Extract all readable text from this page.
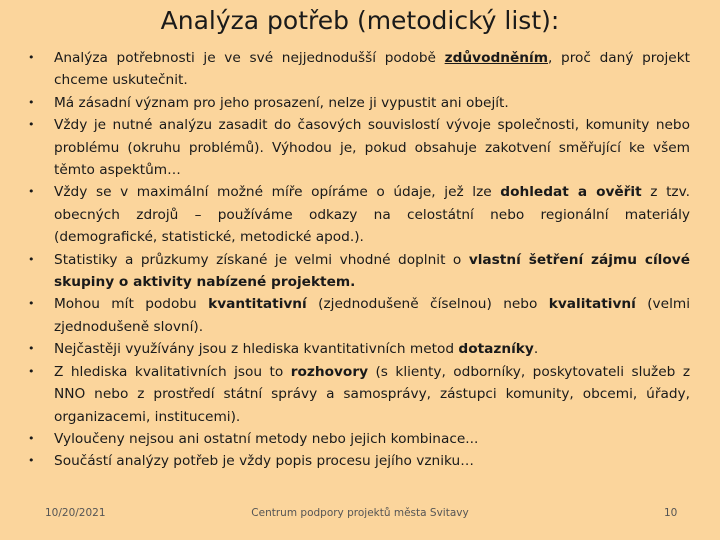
Analýza potřeb (metodický list):
• Analýza potřebnosti je ve své nejjednodušší podobě zdůvodněním, proč daný projekt chceme uskutečnit.
• Má zásadní význam pro jeho prosazení, nelze ji vypustit ani obejít.
• Vždy je nutné analýzu zasadit do časových souvislostí vývoje společnosti, komunity nebo problému (okruhu problémů). Výhodou je, pokud obsahuje zakotvení směřující ke všem těmto aspektům…
• Vždy se v maximální možné míře opíráme o údaje, jež lze dohledat a ověřit z tzv. obecných zdrojů – používáme odkazy na celostátní nebo regionální materiály (demografické, statistické, metodické apod.).
• Statistiky a průzkumy získané je velmi vhodné doplnit o vlastní šetření zájmu cílové skupiny o aktivity nabízené projektem.
• Mohou mít podobu kvantitativní (zjednodušeně číselnou) nebo kvalitativní (velmi zjednodušeně slovní).
• Nejčastěji využívány jsou z hlediska kvantitativních metod dotazníky.
• Z hlediska kvalitativních jsou to rozhovory (s klienty, odborníky, poskytovateli služeb z NNO nebo z prostředí státní správy a samosprávy, zástupci komunity, obcemi, úřady, organizacemi, institucemi).
• Vyloučeny nejsou ani ostatní metody nebo jejich kombinace...
• Součástí analýzy potřeb je vždy popis procesu jejího vzniku…
10/20/2021	Centrum podpory projektů města Svitavy	10
